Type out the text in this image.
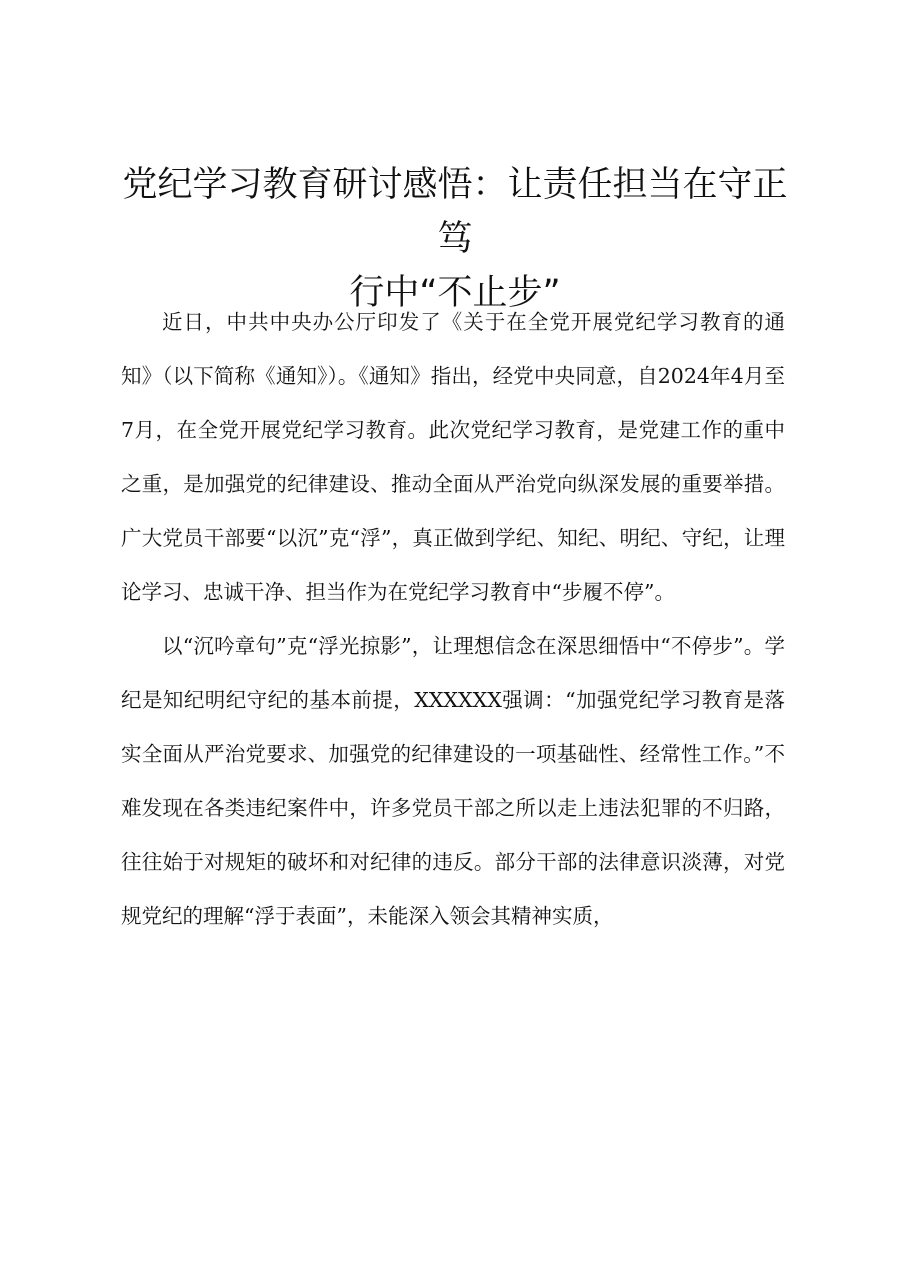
党纪学习教育研讨感悟：让责任担当在守正笃
行中“不止步”

近日，中共中央办公厅印发了《关于在全党开展党纪学习教育的通知》（以下简称《通知》）。《通知》指出，经党中央同意，自2024年4月至7月，在全党开展党纪学习教育。此次党纪学习教育，是党建工作的重中之重，是加强党的纪律建设、推动全面从严治党向纵深发展的重要举措。广大党员干部要“以沉”克“浮”，真正做到学纪、知纪、明纪、守纪，让理论学习、忠诚干净、担当作为在党纪学习教育中“步履不停”。

以“沉吟章句”克“浮光掠影”，让理想信念在深思细悟中“不停步”。学纪是知纪明纪守纪的基本前提，XXXXXX强调：“加强党纪学习教育是落实全面从严治党要求、加强党的纪律建设的一项基础性、经常性工作。”不难发现在各类违纪案件中，许多党员干部之所以走上违法犯罪的不归路，往往始于对规矩的破坏和对纪律的违反。部分干部的法律意识淡薄，对党规党纪的理解“浮于表面”，未能深入领会其精神实质，
